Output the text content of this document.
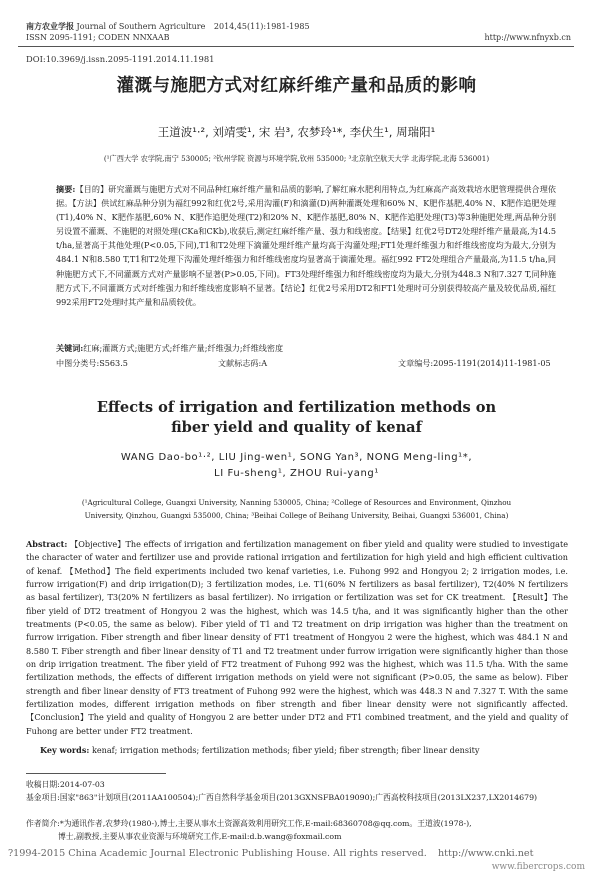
南方农业学报 Journal of Southern Agriculture 2014,45(11):1981-1985
ISSN 2095-1191; CODEN NNXAAB	http://www.nfnyxb.cn
DOI:10.3969/j.issn.2095-1191.2014.11.1981
灌溉与施肥方式对红麻纤维产量和品质的影响
王道波¹·², 刘靖雯¹, 宋 岩³, 农梦玲¹*, 李伏生¹, 周瑞阳¹
(¹广西大学 农学院,南宁 530005; ²钦州学院 资源与环境学院,钦州 535000; ³北京航空航天大学 北海学院,北海 536001)
摘要:【目的】研究灌溉与施肥方式对不同品种红麻纤维产量和品质的影响,了解红麻水肥利用特点,为红麻高产高效栽培水肥管理提供合理依据。【方法】供试红麻品种分别为福红992和红优2号,采用沟灌(F)和滴灌(D)两种灌溉处理和60% N、K肥作基肥,40% N、K肥作追肥处理(T1),40% N、K肥作基肥,60% N、K肥作追肥处理(T2)和20% N、K肥作基肥,80% N、K肥作追肥处理(T3)等3种施肥处理,两品种分别另设置不灌溉、不施肥的对照处理(CKa和CKb),收获后,测定红麻纤维产量、强力和线密度。【结果】红优2号DT2处理纤维产量最高,为14.5 t/ha,显著高于其他处理(P<0.05,下同),T1和T2处理下滴灌处理纤维产量均高于沟灌处理;FT1处理纤维强力和纤维线密度均为最大,分别为484.1 N和8.580 T,T1和T2处理下沟灌处理纤维强力和纤维线密度均显著高于滴灌处理。福红992 FT2处理组合产量最高,为11.5 t/ha,同种施肥方式下,不同灌溉方式对产量影响不显著(P>0.05,下同)。FT3处理纤维强力和纤维线密度均为最大,分别为448.3 N和7.327 T,同种施肥方式下,不同灌溉方式对纤维强力和纤维线密度影响不显著。【结论】红优2号采用DT2和FT1处理时可分别获得较高产量及较优品质,福红992采用FT2处理时其产量和品质较优。
关键词:红麻;灌溉方式;施肥方式;纤维产量;纤维强力;纤维线密度
中图分类号:S563.5	文献标志码:A	文章编号:2095-1191(2014)11-1981-05
Effects of irrigation and fertilization methods on
fiber yield and quality of kenaf
WANG Dao-bo¹·², LIU Jing-wen¹, SONG Yan³, NONG Meng-ling¹*,
LI Fu-sheng¹, ZHOU Rui-yang¹
(¹Agricultural College, Guangxi University, Nanning 530005, China; ²College of Resources and Environment, Qinzhou
University, Qinzhou, Guangxi 535000, China; ³Beihai College of Beihang University, Beihai, Guangxi 536001, China)
Abstract: 【Objective】The effects of irrigation and fertilization management on fiber yield and quality were studied to investigate the character of water and fertilizer use and provide rational irrigation and fertilization for high yield and high efficient cultivation of kenaf. 【Method】The field experiments included two kenaf varieties, i.e. Fuhong 992 and Hongyou 2; 2 irrigation modes, i.e. furrow irrigation(F) and drip irrigation(D); 3 fertilization modes, i.e. T1(60% N fertilizers as basal fertilizer), T2(40% N fertilizers as basal fertilizer), T3(20% N fertilizers as basal fertilizer). No irrigation or fertilization was set for CK treatment. 【Result】The fiber yield of DT2 treatment of Hongyou 2 was the highest, which was 14.5 t/ha, and it was significantly higher than the other treatments (P<0.05, the same as below). Fiber yield of T1 and T2 treatment on drip irrigation was higher than the treatment on furrow irrigation. Fiber strength and fiber linear density of FT1 treatment of Hongyou 2 were the highest, which was 484.1 N and 8.580 T. Fiber strength and fiber linear density of T1 and T2 treatment under furrow irrigation were significantly higher than those on drip irrigation treatment. The fiber yield of FT2 treatment of Fuhong 992 was the highest, which was 11.5 t/ha. With the same fertilization methods, the effects of different irrigation methods on yield were not significant (P>0.05, the same as below). Fiber strength and fiber linear density of FT3 treatment of Fuhong 992 were the highest, which was 448.3 N and 7.327 T. With the same fertilization modes, different irrigation methods on fiber strength and fiber linear density were not significantly affected. 【Conclusion】The yield and quality of Hongyou 2 are better under DT2 and FT1 combined treatment, and the yield and quality of Fuhong are better under FT2 treatment.
Key words: kenaf; irrigation methods; fertilization methods; fiber yield; fiber strength; fiber linear density
收稿日期:2014-07-03
基金项目:国家"863"计划项目(2011AA100504);广西自然科学基金项目(2013GXNSFBA019090);广西高校科技项目(2013LX237,LX2014679)
作者简介:*为通讯作者,农梦玲(1980-),博士,主要从事水土资源高效利用研究工作,E-mail:68360708@qq.com。王道波(1978-),
博士,副教授,主要从事农业资源与环境研究工作,E-mail:d.b.wang@foxmail.com
?1994-2015 China Academic Journal Electronic Publishing House. All rights reserved. http://www.cnki.net
www.fibercrops.com
